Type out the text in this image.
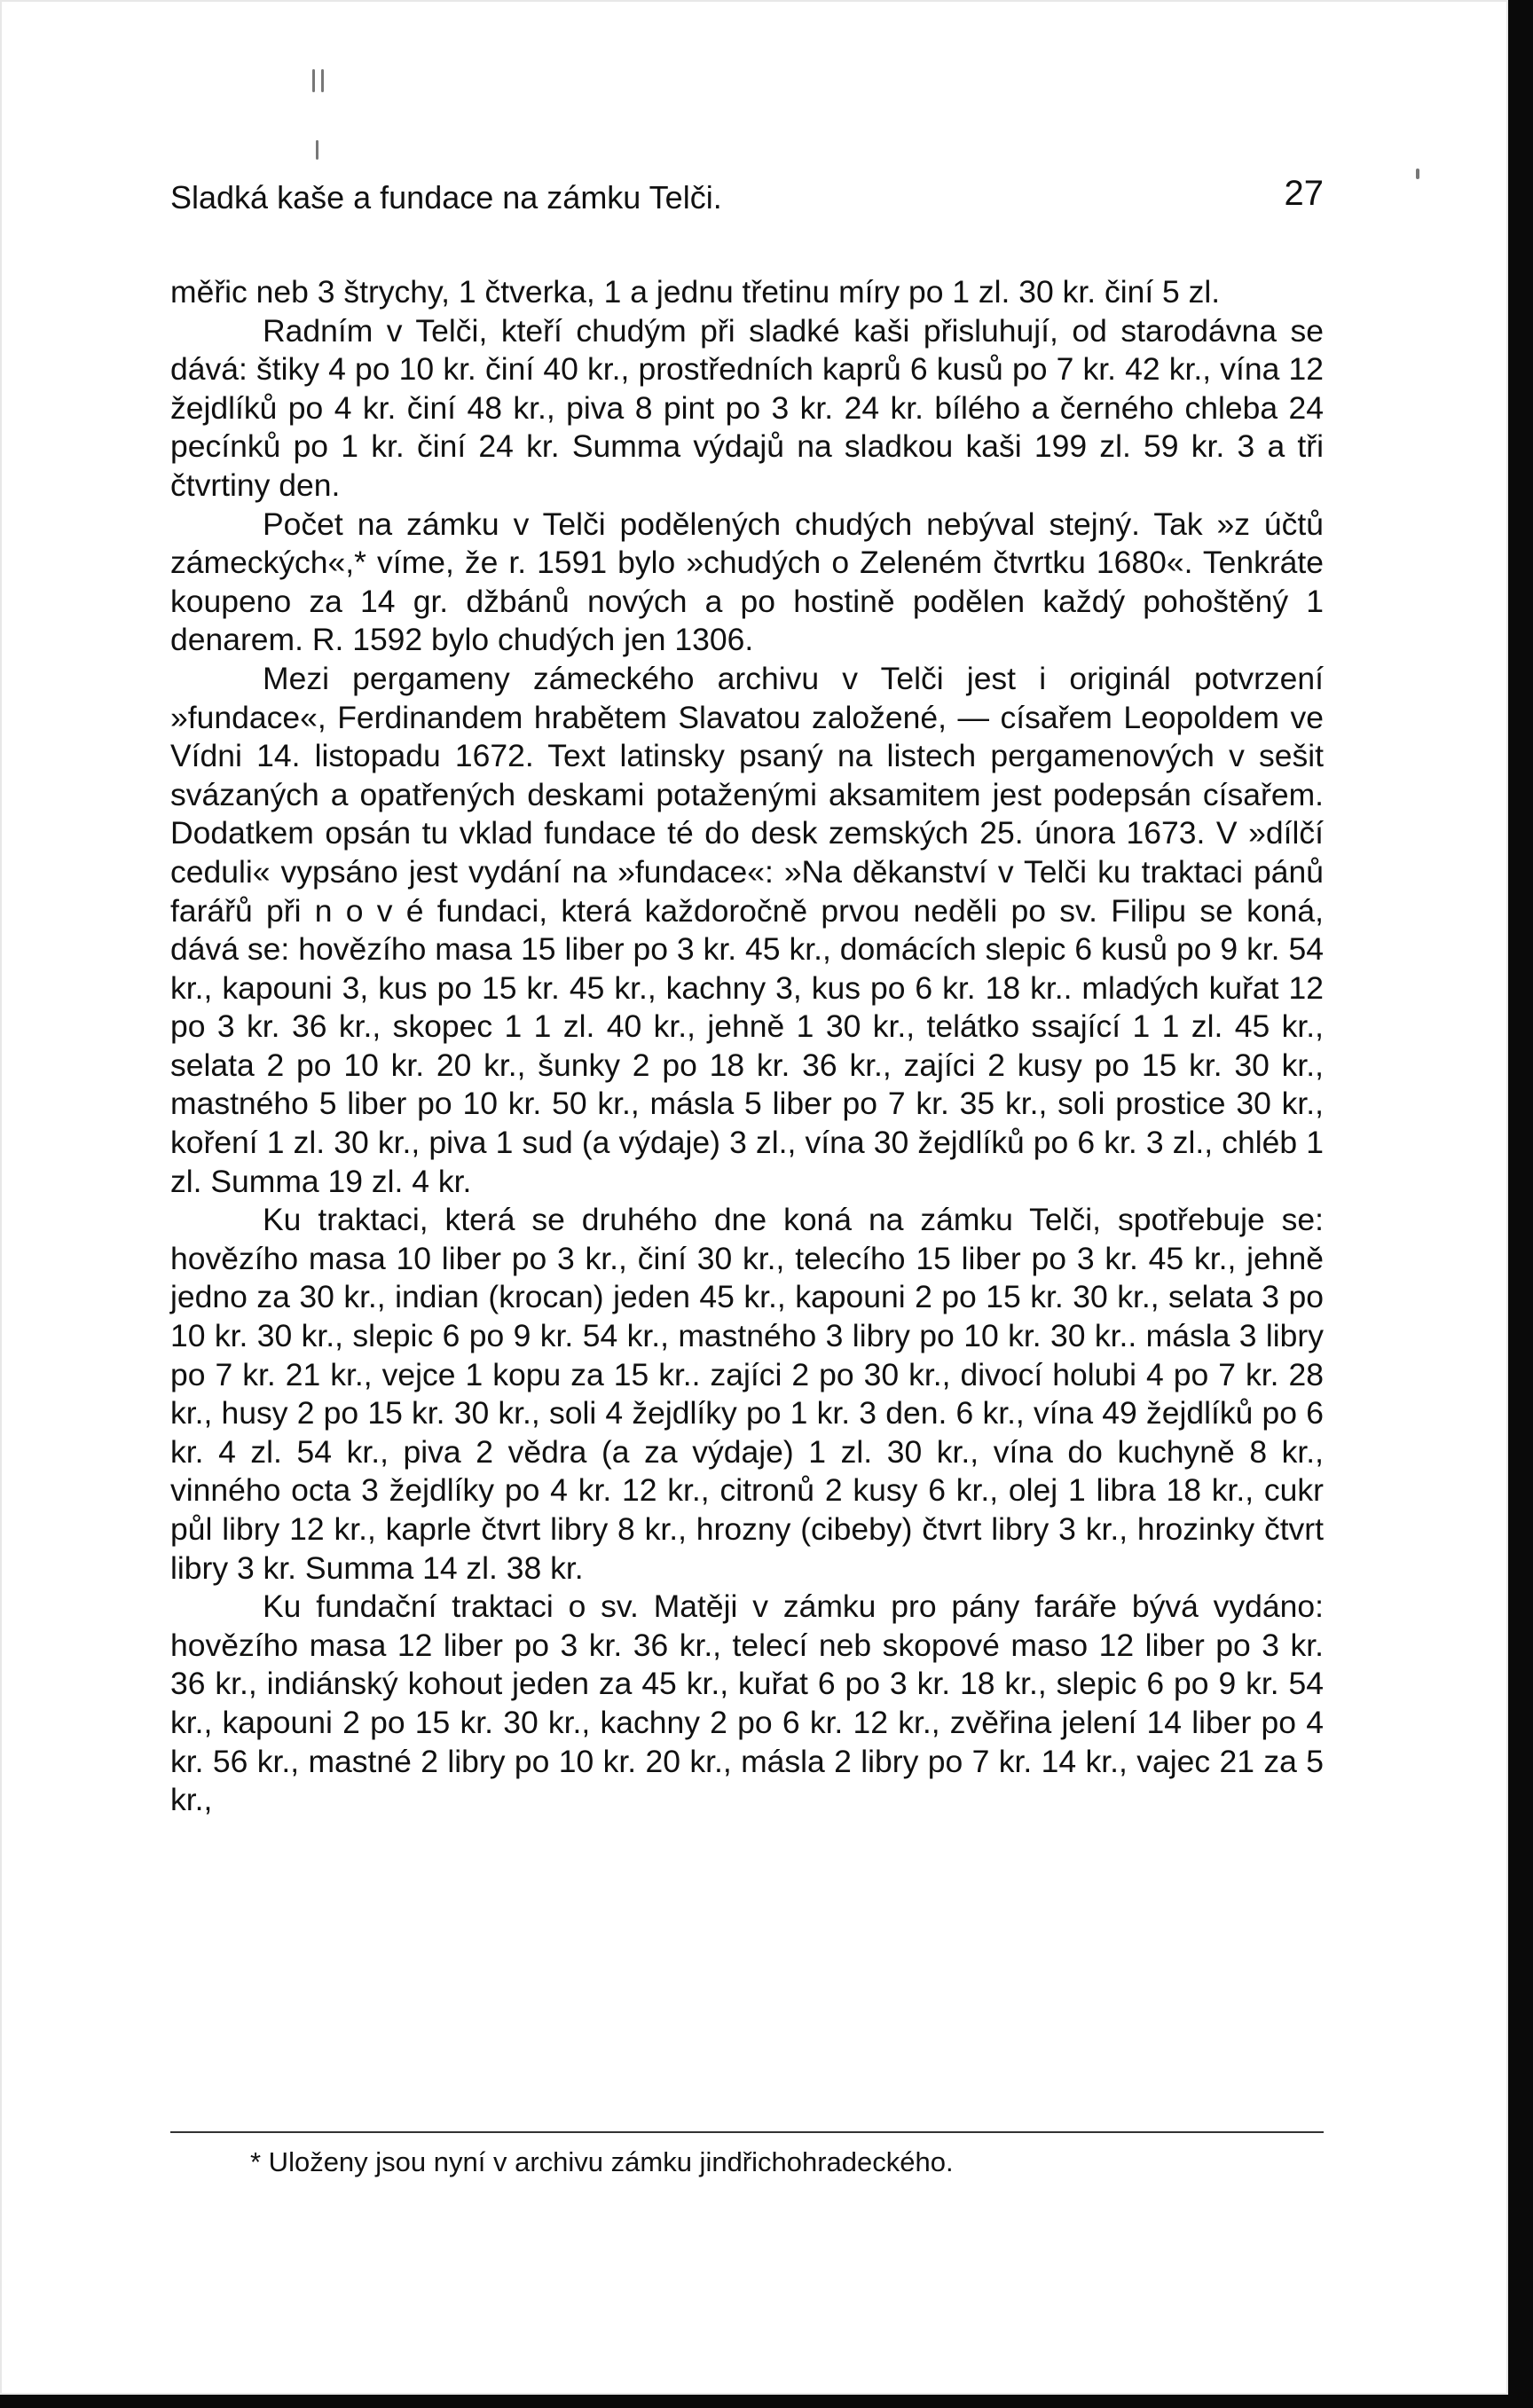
Sladká kaše a fundace na zámku Telči.	27

měřic neb 3 štrychy, 1 čtverka, 1 a jednu třetinu míry po 1 zl. 30 kr. činí 5 zl.

Radním v Telči, kteří chudým při sladké kaši přisluhují, od starodávna se dává: štiky 4 po 10 kr. činí 40 kr., prostředních kaprů 6 kusů po 7 kr. 42 kr., vína 12 žejdlíků po 4 kr. činí 48 kr., piva 8 pint po 3 kr. 24 kr. bílého a černého chleba 24 pecínků po 1 kr. činí 24 kr. Summa výdajů na sladkou kaši 199 zl. 59 kr. 3 a tři čtvrtiny den.

Počet na zámku v Telči podělených chudých nebýval stejný. Tak »z účtů zámeckých«,* víme, že r. 1591 bylo »chudých o Zeleném čtvrtku 1680«. Tenkráte koupeno za 14 gr. džbánů nových a po hostině podělen každý pohoštěný 1 denarem. R. 1592 bylo chudých jen 1306.

Mezi pergameny zámeckého archivu v Telči jest i originál potvrzení »fundace«, Ferdinandem hrabětem Slavatou založené, — císařem Leopoldem ve Vídni 14. listopadu 1672. Text latinsky psaný na listech pergamenových v sešit svázaných a opatřených deskami potaženými aksamitem jest podepsán císařem. Dodatkem opsán tu vklad fundace té do desk zemských 25. února 1673. V »dílčí ceduli« vypsáno jest vydání na »fundace«: »Na děkanství v Telči ku traktaci pánů farářů při n o v é fundaci, která každoročně prvou neděli po sv. Filipu se koná, dává se: hovězího masa 15 liber po 3 kr. 45 kr., domácích slepic 6 kusů po 9 kr. 54 kr., kapouni 3, kus po 15 kr. 45 kr., kachny 3, kus po 6 kr. 18 kr.. mladých kuřat 12 po 3 kr. 36 kr., skopec 1 1 zl. 40 kr., jehně 1 30 kr., telátko ssající 1 1 zl. 45 kr., selata 2 po 10 kr. 20 kr., šunky 2 po 18 kr. 36 kr., zajíci 2 kusy po 15 kr. 30 kr., mastného 5 liber po 10 kr. 50 kr., másla 5 liber po 7 kr. 35 kr., soli prostice 30 kr., koření 1 zl. 30 kr., piva 1 sud (a výdaje) 3 zl., vína 30 žejdlíků po 6 kr. 3 zl., chléb 1 zl. Summa 19 zl. 4 kr.

Ku traktaci, která se druhého dne koná na zámku Telči, spotřebuje se: hovězího masa 10 liber po 3 kr., činí 30 kr., telecího 15 liber po 3 kr. 45 kr., jehně jedno za 30 kr., indian (krocan) jeden 45 kr., kapouni 2 po 15 kr. 30 kr., selata 3 po 10 kr. 30 kr., slepic 6 po 9 kr. 54 kr., mastného 3 libry po 10 kr. 30 kr.. másla 3 libry po 7 kr. 21 kr., vejce 1 kopu za 15 kr.. zajíci 2 po 30 kr., divocí holubi 4 po 7 kr. 28 kr., husy 2 po 15 kr. 30 kr., soli 4 žejdlíky po 1 kr. 3 den. 6 kr., vína 49 žejdlíků po 6 kr. 4 zl. 54 kr., piva 2 vědra (a za výdaje) 1 zl. 30 kr., vína do kuchyně 8 kr., vinného octa 3 žejdlíky po 4 kr. 12 kr., citronů 2 kusy 6 kr., olej 1 libra 18 kr., cukr půl libry 12 kr., kaprle čtvrt libry 8 kr., hrozny (cibeby) čtvrt libry 3 kr., hrozinky čtvrt libry 3 kr. Summa 14 zl. 38 kr.

Ku fundační traktaci o sv. Matěji v zámku pro pány faráře bývá vydáno: hovězího masa 12 liber po 3 kr. 36 kr., telecí neb skopové maso 12 liber po 3 kr. 36 kr., indiánský kohout jeden za 45 kr., kuřat 6 po 3 kr. 18 kr., slepic 6 po 9 kr. 54 kr., kapouni 2 po 15 kr. 30 kr., kachny 2 po 6 kr. 12 kr., zvěřina jelení 14 liber po 4 kr. 56 kr., mastné 2 libry po 10 kr. 20 kr., másla 2 libry po 7 kr. 14 kr., vajec 21 za 5 kr.,

* Uloženy jsou nyní v archivu zámku jindřichohradeckého.
